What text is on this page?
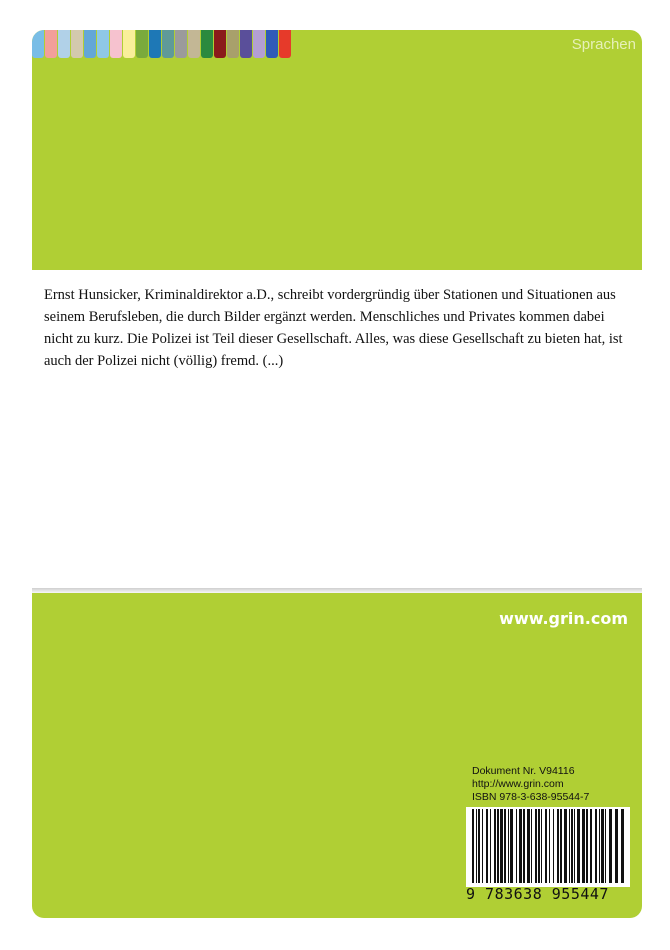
Sprachen

Ernst Hunsicker, Kriminaldirektor a.D., schreibt vordergründig über Stationen und Situationen aus seinem Berufsleben, die durch Bilder ergänzt werden. Menschliches und Privates kommen dabei nicht zu kurz. Die Polizei ist Teil dieser Gesellschaft. Alles, was diese Gesellschaft zu bieten hat, ist auch der Polizei nicht (völlig) fremd. (...)

www.grin.com
Dokument Nr. V94116
http://www.grin.com
ISBN 978-3-638-95544-7
9 783638 955447
